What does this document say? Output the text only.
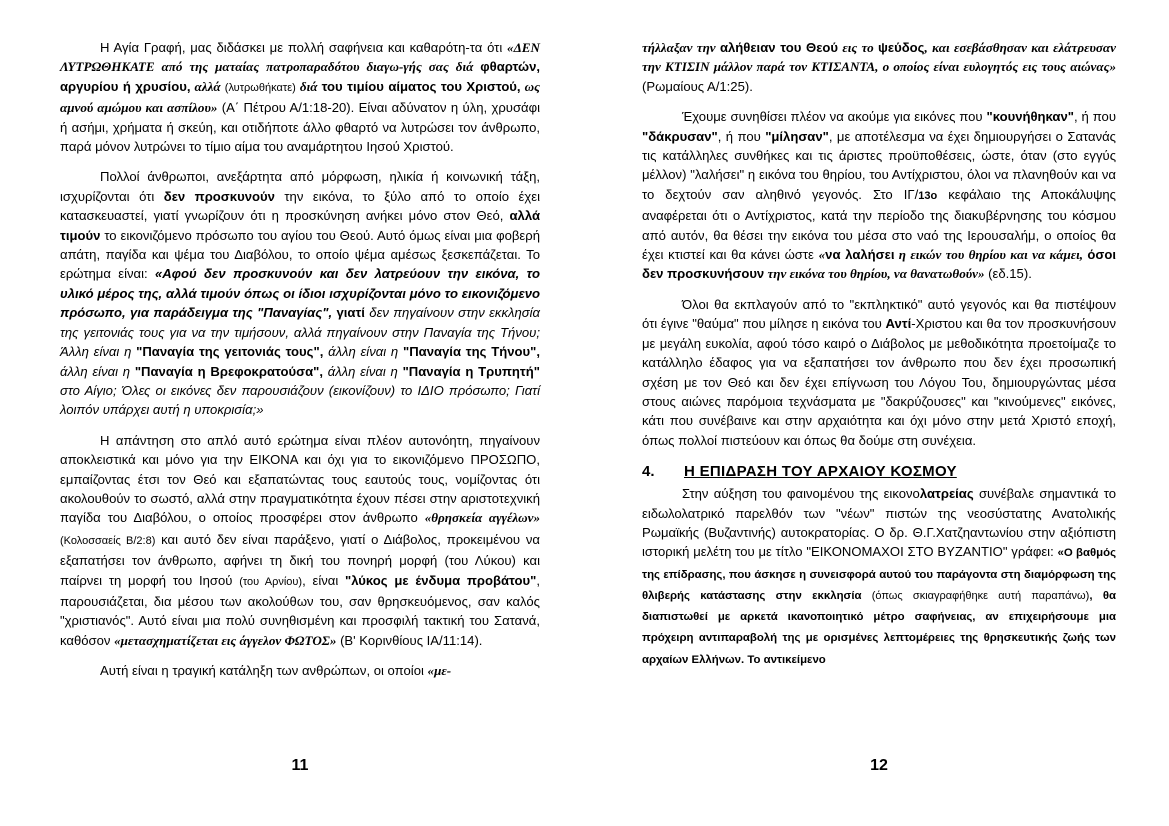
Η Αγία Γραφή, μας διδάσκει με πολλή σαφήνεια και καθαρότη-τα ότι «ΔΕΝ ΛΥΤΡΩΘΗΚΑΤΕ από της ματαίας πατροπαραδότου διαγω-γής σας διά φθαρτών, αργυρίου ή χρυσίου, αλλά (λυτρωθήκατε) διά του τιμίου αίματος του Χριστού, ως αμνού αμώμου και ασπίλου» (Α΄ Πέτρου Α/1:18-20). Είναι αδύνατον η ύλη, χρυσάφι ή ασήμι, χρήματα ή σκεύη, και οτιδήποτε άλλο φθαρτό να λυτρώσει τον άνθρωπο, παρά μόνον λυτρώνει το τίμιο αίμα του αναμάρτητου Ιησού Χριστού.

Πολλοί άνθρωποι, ανεξάρτητα από μόρφωση, ηλικία ή κοινωνική τάξη, ισχυρίζονται ότι δεν προσκυνούν την εικόνα, το ξύλο από το οποίο έχει κατασκευαστεί, γιατί γνωρίζουν ότι η προσκύνηση ανήκει μόνο στον Θεό, αλλά τιμούν το εικονιζόμενο πρόσωπο του αγίου του Θεού. Αυτό όμως είναι μια φοβερή απάτη, παγίδα και ψέμα του Διαβόλου, το οποίο ψέμα αμέσως ξεσκεπάζεται. Το ερώτημα είναι: «Αφού δεν προσκυνούν και δεν λατρεύουν την εικόνα, το υλικό μέρος της, αλλά τιμούν όπως οι ίδιοι ισχυρίζονται μόνο το εικονιζόμενο πρόσωπο, για παράδειγμα της "Παναγίας", γιατί δεν πηγαίνουν στην εκκλησία της γειτονιάς τους για να την τιμήσουν, αλλά πηγαίνουν στην Παναγία της Τήνου; Άλλη είναι η "Παναγία της γειτονιάς τους", άλλη είναι η "Παναγία της Τήνου", άλλη είναι η "Παναγία η Βρεφοκρατούσα", άλλη είναι η "Παναγία η Τρυπητή" στο Αίγιο; Όλες οι εικόνες δεν παρουσιάζουν (εικονίζουν) το ΙΔΙΟ πρόσωπο; Γιατί λοιπόν υπάρχει αυτή η υποκρισία;»

Η απάντηση στο απλό αυτό ερώτημα είναι πλέον αυτονόητη, πηγαίνουν αποκλειστικά και μόνο για την ΕΙΚΟΝΑ και όχι για το εικονιζόμενο ΠΡΟΣΩΠΟ, εμπαίζοντας έτσι τον Θεό και εξαπατώντας τους εαυτούς τους, νομίζοντας ότι ακολουθούν το σωστό, αλλά στην πραγματικότητα έχουν πέσει στην αριστοτεχνική παγίδα του Διαβόλου, ο οποίος προσφέρει στον άνθρωπο «θρησκεία αγγέλων» (Κολοσσαείς Β/2:8) και αυτό δεν είναι παράξενο, γιατί ο Διάβολος, προκειμένου να εξαπατήσει τον άνθρωπο, αφήνει τη δική του πονηρή μορφή (του Λύκου) και παίρνει τη μορφή του Ιησού (του Αρνίου), είναι "λύκος με ένδυμα προβάτου", παρουσιάζεται, δια μέσου των ακολούθων του, σαν θρησκευόμενος, σαν καλός "χριστιανός". Αυτό είναι μια πολύ συνηθισμένη και προσφιλή τακτική του Σατανά, καθόσον «μετασχηματίζεται εις άγγελον ΦΩΤΟΣ» (Β' Κορινθίους ΙΑ/11:14).

Αυτή είναι η τραγική κατάληξη των ανθρώπων, οι οποίοι «με-

11

τήλλαξαν την αλήθειαν του Θεού εις το ψεύδος, και εσεβάσθησαν και ελάτρευσαν την ΚΤΙΣΙΝ μάλλον παρά τον ΚΤΙΣΑΝΤΑ, ο οποίος είναι ευλογητός εις τους αιώνας» (Ρωμαίους Α/1:25).

Έχουμε συνηθίσει πλέον να ακούμε για εικόνες που "κουνήθηκαν", ή που "δάκρυσαν", ή που "μίλησαν", με αποτέλεσμα να έχει δημιουργήσει ο Σατανάς τις κατάλληλες συνθήκες και τις άριστες προϋποθέσεις, ώστε, όταν (στο εγγύς μέλλον) "λαλήσει" η εικόνα του θηρίου, του Αντίχριστου, όλοι να πλανηθούν και να το δεχτούν σαν αληθινό γεγονός. Στο ΙΓ/13ο κεφάλαιο της Αποκάλυψης αναφέρεται ότι ο Αντίχριστος, κατά την περίοδο της διακυβέρνησης του κόσμου από αυτόν, θα θέσει την εικόνα του μέσα στο ναό της Ιερουσαλήμ, ο οποίος θα έχει κτιστεί και θα κάνει ώστε «να λαλήσει η εικών του θηρίου και να κάμει, όσοι δεν προσκυνήσουν την εικόνα του θηρίου, να θανατωθούν» (εδ.15).

Όλοι θα εκπλαγούν από το "εκπληκτικό" αυτό γεγονός και θα πιστέψουν ότι έγινε "θαύμα" που μίλησε η εικόνα του Αντί-Χριστου και θα τον προσκυνήσουν με μεγάλη ευκολία, αφού τόσο καιρό ο Διάβολος με μεθοδικότητα προετοίμαζε το κατάλληλο έδαφος για να εξαπατήσει τον άνθρωπο που δεν έχει προσωπική σχέση με τον Θεό και δεν έχει επίγνωση του Λόγου Του, δημιουργώντας μέσα στους αιώνες παρόμοια τεχνάσματα με "δακρύζουσες" και "κινούμενες" εικόνες, κάτι που συνέβαινε και στην αρχαιότητα και όχι μόνο στην μετά Χριστό εποχή, όπως πολλοί πιστεύουν και όπως θα δούμε στη συνέχεια.

4.	Η ΕΠΙΔΡΑΣΗ ΤΟΥ ΑΡΧΑΙΟΥ ΚΟΣΜΟΥ

Στην αύξηση του φαινομένου της εικονολατρείας συνέβαλε σημαντικά το ειδωλολατρικό παρελθόν των "νέων" πιστών της νεοσύστατης Ανατολικής Ρωμαϊκής (Βυζαντινής) αυτοκρατορίας. Ο δρ. Θ.Γ.Χατζηαντωνίου στην αξιόπιστη ιστορική μελέτη του με τίτλο "ΕΙΚΟΝΟΜΑΧΟΙ ΣΤΟ ΒΥΖΑΝΤΙΟ" γράφει: «Ο βαθμός της επίδρασης, που άσκησε η συνεισφορά αυτού του παράγοντα στη διαμόρφωση της θλιβερής κατάστασης στην εκκλησία (όπως σκιαγραφήθηκε αυτή παραπάνω), θα διαπιστωθεί με αρκετά ικανοποιητικό μέτρο σαφήνειας, αν επιχειρήσουμε μια πρόχειρη αντιπαραβολή της με ορισμένες λεπτομέρειες της θρησκευτικής ζωής των αρχαίων Ελλήνων. Το αντικείμενο

12
